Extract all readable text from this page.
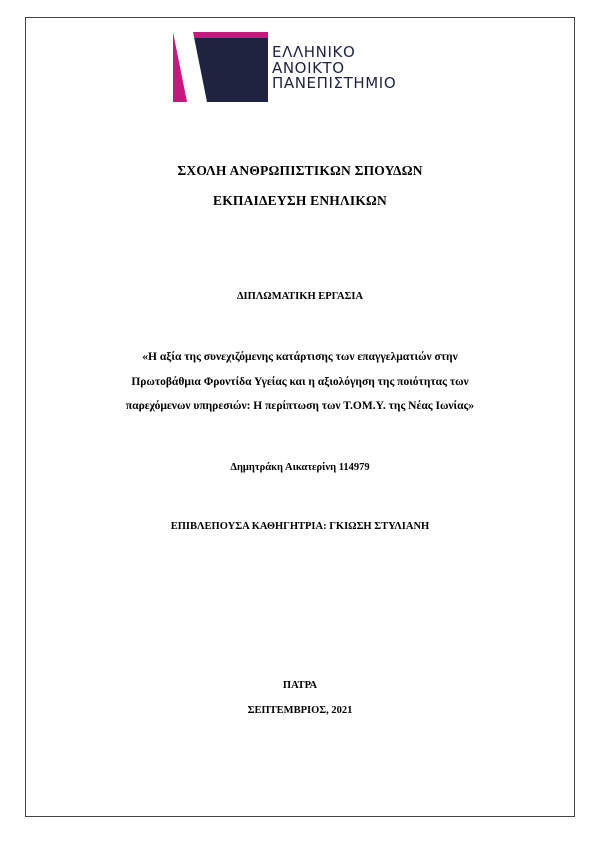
ΕΛΛΗΝΙΚΟ
ΑΝΟΙΚΤΟ
ΠΑΝΕΠΙΣΤΗΜΙΟ
ΣΧΟΛΗ ΑΝΘΡΩΠΙΣΤΙΚΩΝ ΣΠΟΥΔΩΝ
ΕΚΠΑΙΔΕΥΣΗ ΕΝΗΛΙΚΩΝ
ΔΙΠΛΩΜΑΤΙΚΗ ΕΡΓΑΣΙΑ
«Η αξία της συνεχιζόμενης κατάρτισης των επαγγελματιών στην
Πρωτοβάθμια Φροντίδα Υγείας και η αξιολόγηση της ποιότητας των
παρεχόμενων υπηρεσιών: Η περίπτωση των Τ.ΟΜ.Υ. της Νέας Ιωνίας»
Δημητράκη Αικατερίνη 114979
ΕΠΙΒΛΕΠΟΥΣΑ ΚΑΘΗΓΗΤΡΙΑ: ΓΚΙΩΣΗ ΣΤΥΛΙΑΝΗ
ΠΑΤΡΑ
ΣΕΠΤΕΜΒΡΙΟΣ, 2021
